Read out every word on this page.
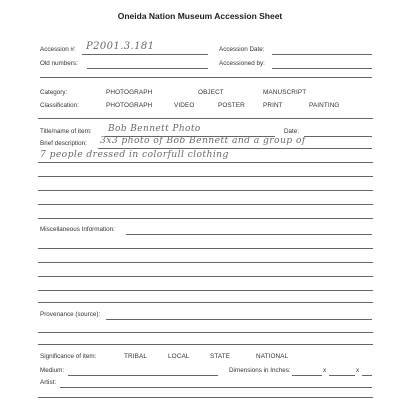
Oneida Nation Museum Accession Sheet
Accession #: P2001.3.181	Accession Date:
Old numbers:	Accessioned by:
Category:	PHOTOGRAPH	OBJECT	MANUSCRIPT
Classification:	PHOTOGRAPH	VIDEO	POSTER	PRINT	PAINTING
Title/name of item: Bob Bennett Photo	Date:
Brief description: 3x3 photo of Bob Bennett and a group of
7 people dressed in colorfull clothing
Miscellaneous Information:
Provenance (source):
Significance of item:	TRIBAL	LOCAL	STATE	NATIONAL
Medium:	Dimensions in Inches:	x	x
Artist:
